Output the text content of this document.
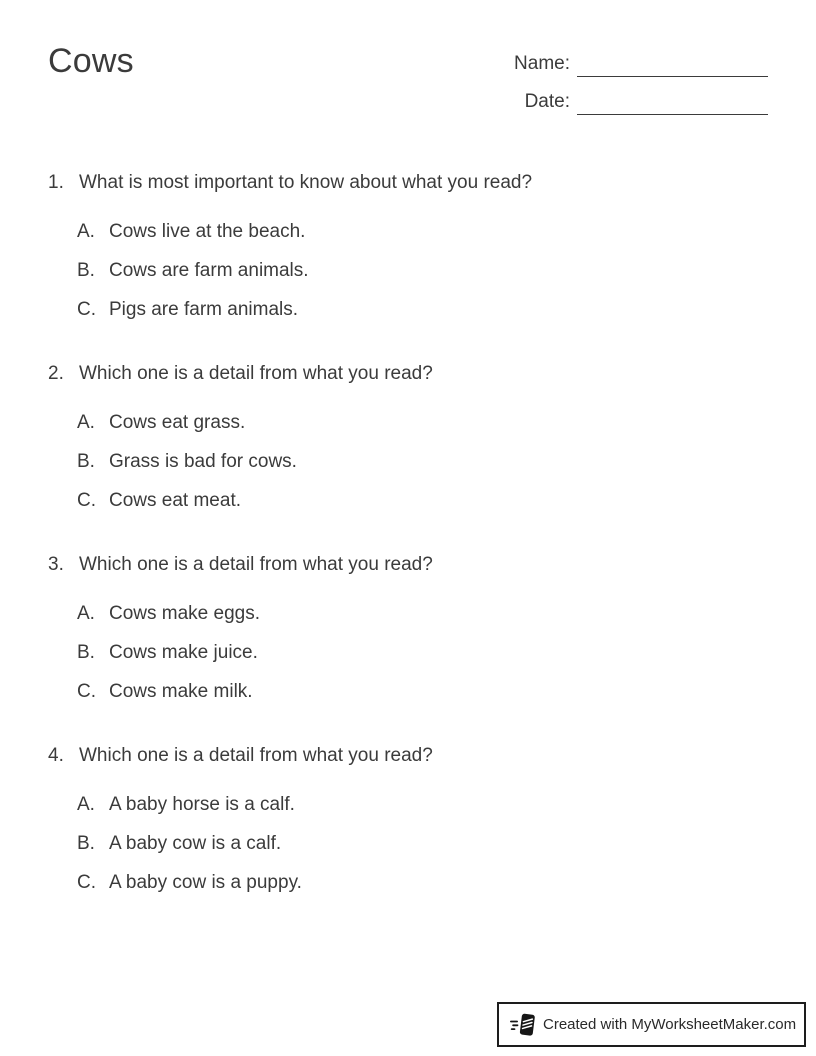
Cows	Name:
Date:
1. What is most important to know about what you read?
A. Cows live at the beach.
B. Cows are farm animals.
C. Pigs are farm animals.
2. Which one is a detail from what you read?
A. Cows eat grass.
B. Grass is bad for cows.
C. Cows eat meat.
3. Which one is a detail from what you read?
A. Cows make eggs.
B. Cows make juice.
C. Cows make milk.
4. Which one is a detail from what you read?
A. A baby horse is a calf.
B. A baby cow is a calf.
C. A baby cow is a puppy.
Created with MyWorksheetMaker.com
